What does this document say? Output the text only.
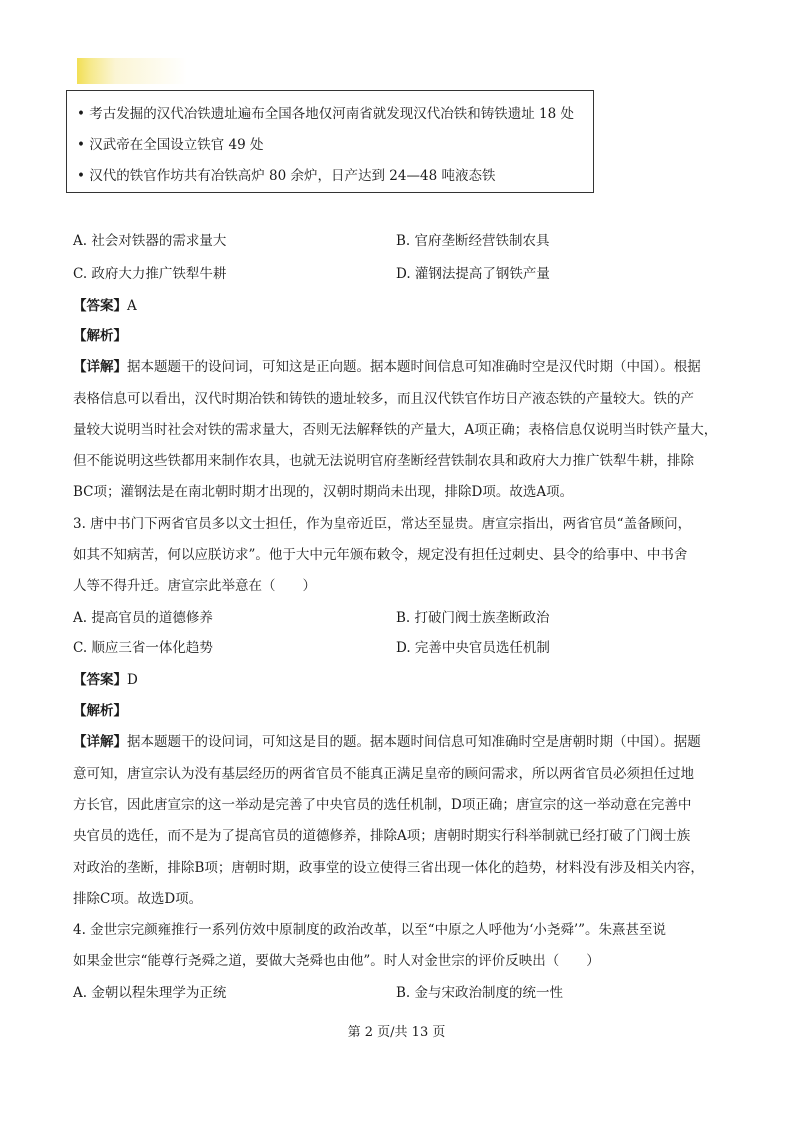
• 考古发掘的汉代冶铁遗址遍布全国各地仅河南省就发现汉代冶铁和铸铁遗址 18 处
• 汉武帝在全国设立铁官 49 处
• 汉代的铁官作坊共有冶铁高炉 80 余炉，日产达到 24—48 吨液态铁
A. 社会对铁器的需求量大	B. 官府垄断经营铁制农具
C. 政府大力推广铁犁牛耕	D. 灌钢法提高了钢铁产量
【答案】A
【解析】
【详解】据本题题干的设问词，可知这是正向题。据本题时间信息可知准确时空是汉代时期（中国）。根据
表格信息可以看出，汉代时期冶铁和铸铁的遗址较多，而且汉代铁官作坊日产液态铁的产量较大。铁的产
量较大说明当时社会对铁的需求量大，否则无法解释铁的产量大，A项正确；表格信息仅说明当时铁产量大，
但不能说明这些铁都用来制作农具，也就无法说明官府垄断经营铁制农具和政府大力推广铁犁牛耕，排除
BC项；灌钢法是在南北朝时期才出现的，汉朝时期尚未出现，排除D项。故选A项。
3. 唐中书门下两省官员多以文士担任，作为皇帝近臣，常达至显贵。唐宣宗指出，两省官员“盖备顾问，
如其不知病苦，何以应朕访求”。他于大中元年颁布敕令，规定没有担任过刺史、县令的给事中、中书舍
人等不得升迁。唐宣宗此举意在（　　）
A. 提高官员的道德修养	B. 打破门阀士族垄断政治
C. 顺应三省一体化趋势	D. 完善中央官员选任机制
【答案】D
【解析】
【详解】据本题题干的设问词，可知这是目的题。据本题时间信息可知准确时空是唐朝时期（中国）。据题
意可知，唐宣宗认为没有基层经历的两省官员不能真正满足皇帝的顾问需求，所以两省官员必须担任过地
方长官，因此唐宣宗的这一举动是完善了中央官员的选任机制，D项正确；唐宣宗的这一举动意在完善中
央官员的选任，而不是为了提高官员的道德修养，排除A项；唐朝时期实行科举制就已经打破了门阀士族
对政治的垄断，排除B项；唐朝时期，政事堂的设立使得三省出现一体化的趋势，材料没有涉及相关内容，
排除C项。故选D项。
4. 金世宗完颜雍推行一系列仿效中原制度的政治改革，以至“中原之人呼他为‘小尧舜’”。朱熹甚至说
如果金世宗“能尊行尧舜之道，要做大尧舜也由他”。时人对金世宗的评价反映出（　　）
A. 金朝以程朱理学为正统	B. 金与宋政治制度的统一性
第 2 页/共 13 页
